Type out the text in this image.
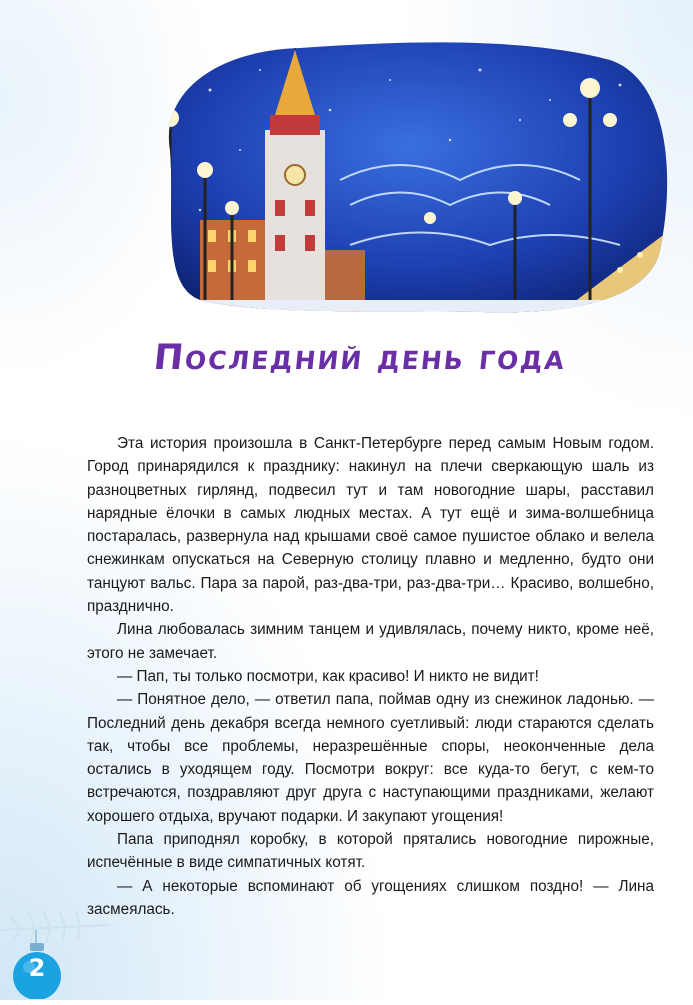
Последний день года

Эта история произошла в Санкт-Петербурге перед самым Новым годом. Город принарядился к празднику: накинул на плечи сверкающую шаль из разноцветных гирлянд, подвесил тут и там новогодние шары, расставил нарядные ёлочки в самых людных местах. А тут ещё и зима-волшебница постаралась, развернула над крышами своё самое пушистое облако и велела снежинкам опускаться на Северную столицу плавно и медленно, будто они танцуют вальс. Пара за парой, раз-два-три, раз-два-три… Красиво, волшебно, празднично.

Лина любовалась зимним танцем и удивлялась, почему никто, кроме неё, этого не замечает.

— Пап, ты только посмотри, как красиво! И никто не видит!

— Понятное дело, — ответил папа, поймав одну из снежинок ладонью. — Последний день декабря всегда немного суетливый: люди стараются сделать так, чтобы все проблемы, неразрешённые споры, неоконченные дела остались в уходящем году. Посмотри вокруг: все куда-то бегут, с кем-то встречаются, поздравляют друг друга с наступающими праздниками, желают хорошего отдыха, вручают подарки. И закупают угощения!

Папа приподнял коробку, в которой прятались новогодние пирожные, испечённые в виде симпатичных котят.

— А некоторые вспоминают об угощениях слишком поздно! — Лина засмеялась.

2
